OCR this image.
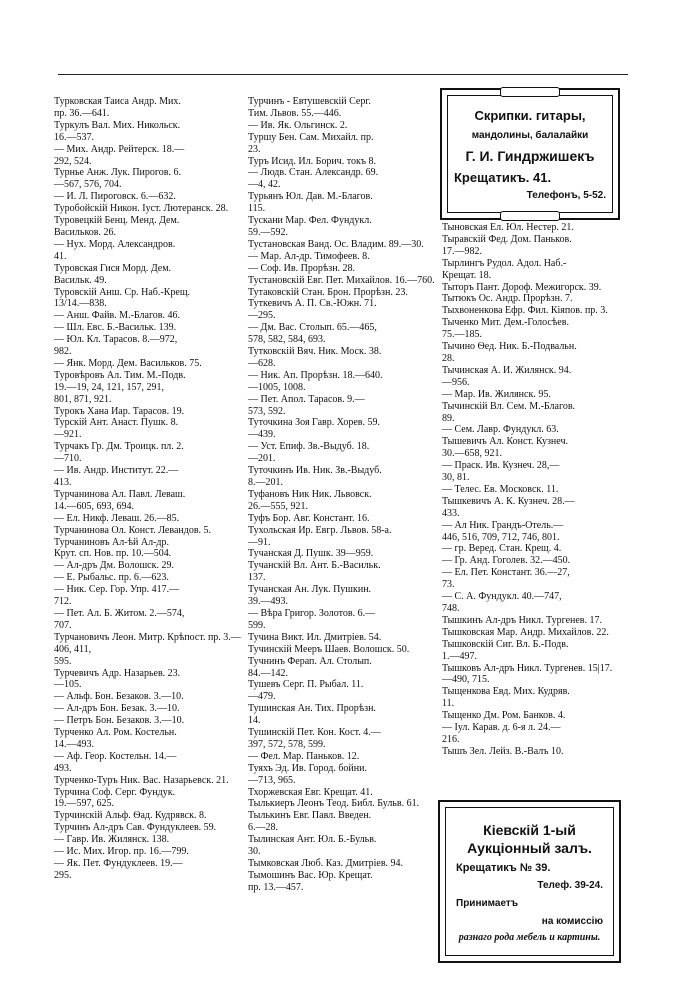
Турковская Таиса Андр. Мих.
пр. 36.—641.

Туркулъ Вал. Мих. Никольск.
16.—537.

— Мих. Андр. Рейтерск. 18.—
292, 524.

Турнье Анж. Лук. Пирогов. 6.
—567, 576, 704.

— И. Л. Пироговск. 6.—632.

Туробойскій Никон. Іуст. Лютеранск. 28.

Туровецкій Бенц. Менд. Дем.
Васильков. 26.

— Нух. Морд. Александров.
41.

Туровская Гися Морд. Дем.
Васильк. 49.

Туровскій Анш. Ср. Наб.-Крещ.
13/14.—838.

— Анш. Файв. М.-Благов. 46.

— Шл. Евс. Б.-Васильк. 139.

— Юл. Кл. Тарасов. 8.—972,
982.

— Янк. Морд. Дем. Васильков. 75.

Туровѣровъ Ал. Тим. М.-Подв.
19.—19, 24, 121, 157, 291,
801, 871, 921.

Турокъ Хана Иар. Тарасов. 19.

Турскій Ант. Анаст. Пушк. 8.
—921.

Турчакъ Гр. Дм. Троицк. пл. 2.
—710.

— Ив. Андр. Институт. 22.—
413.

Турчанинова Ал. Павл. Леваш.
14.—605, 693, 694.

— Ел. Никф. Леваш. 26.—85.

Турчанинова Ол. Конст. Левандов. 5.

Турчаниновъ Ал-ѣй Ал-др.
Крут. сп. Нов. пр. 10.—504.

— Ал-дръ Дм. Волошск. 29.

— Е. Рыбальс. пр. 6.—623.

— Ник. Сер. Гор. Упр. 417.—
712.

— Пет. Ал. Б. Житом. 2.—574,
707.

Турчановичъ Леон. Митр. Крѣпост. пр. 3.—406, 411,
595.

Турчевичъ Адр. Назарьев. 23.
—105.

— Альф. Бон. Безаков. 3.—10.

— Ал-дръ Бон. Безак. 3.—10.

— Петръ Бон. Безаков. 3.—10.

Турченко Ал. Ром. Костельн.
14.—493.

— Аф. Геор. Костельн. 14.—
493.

Турченко-Туръ Ник. Вас. Назарьевск. 21.

Турчина Соф. Серг. Фундук.
19.—597, 625.

Турчинскій Альф. Ѳад. Кудрявск. 8.

Турчинъ Ал-дръ Сав. Фундуклеев. 59.

— Гавр. Ив. Жилянск. 138.

— Ис. Мих. Игор. пр. 16.—799.

— Як. Пет. Фундуклеев. 19.—
295.

Турчинъ - Евтушевскій Серг.
Тим. Львов. 55.—446.

— Ив. Як. Ольгинск. 2.

Туршу Бен. Сам. Михайл. пр.
23.

Туръ Исид. Ил. Борич. токъ 8.

— Людв. Стан. Александр. 69.
—4, 42.

Турьянъ Юл. Дав. М.-Благов.
115.

Тускани Мар. Фел. Фундукл.
59.—592.

Тустановская Ванд. Ос. Владим. 89.—30.

— Мар. Ал-др. Тимофеев. 8.

— Соф. Ив. Прорѣзн. 28.

Тустановскій Евг. Пет. Михайлов. 16.—760.

Тутаковскій Стан. Брон. Прорѣзн. 23.

Туткевичъ А. П. Св.-Южн. 71.
—295.

— Дм. Вас. Столып. 65.—465,
578, 582, 584, 693.

Тутковскій Вяч. Ник. Моск. 38.
—628.

— Ник. Ап. Прорѣзн. 18.—640.
—1005, 1008.

— Пет. Апол. Тарасов. 9.—
573, 592.

Туточкина Зоя Гавр. Хорев. 59.
—439.

— Уст. Епиф. Зв.-Выдуб. 18.
—201.

Туточкинъ Ив. Ник. Зв.-Выдуб.
8.—201.

Туфановъ Ник Ник. Львовск.
26.—555, 921.

Туфъ Бор. Авг. Констант. 16.

Тухольская Ир. Евгр. Львов. 58-а.
—91.

Тучанская Д. Пушк. 39—959.

Тучанскій Вл. Ант. Б.-Васильк.
137.

Тучанская Ан. Лук. Пушкин.
39.—493.

— Вѣра Григор. Золотов. 6.—
599.

Тучина Викт. Ил. Дмитріев. 54.

Тучинскій Мееръ Шаев. Волошск. 50.

Тучнинъ Ферап. Ал. Столып.
84.—142.

Тушевъ Серг. П. Рыбал. 11.
—479.

Тушинская Ан. Тих. Прорѣзн.
14.

Тушинскій Пет. Кон. Кост. 4.—
397, 572, 578, 599.

— Фел. Мар. Паньков. 12.

Туяхъ Эд. Ив. Город. бойни.
—713, 965.

Тхоржевская Евг. Крещат. 41.

Тылькиеръ Леонъ Теод. Библ. Бульв. 61.

Тылькинъ Евг. Павл. Введен.
6.—28.

Тылинская Ант. Юл. Б.-Бульв.
30.

Тымковская Люб. Каз. Дмитріев. 94.

Тымошинъ Вас. Юр. Крещат.
пр. 13.—457.

Тыновская Ел. Юл. Нестер. 21.

Тыравскій Фед. Дом. Паньков.
17.—982.

Тырлингъ Рудол. Адол. Наб.-
Крещат. 18.

Тыторъ Пант. Дороф. Межигорск. 39.

Тытюкъ Ос. Андр. Прорѣзн. 7.

Тыхвоненкова Ефр. Фил. Кіяпов. пр. 3.

Тыченко Мит. Дем.-Голосѣев.
75.—185.

Тычино Ѳед. Ник. Б.-Подвальн.
28.

Тычинская А. И. Жилянск. 94.
—956.

— Мар. Ив. Жилянск. 95.

Тычинскій Вл. Сем. М.-Благов.
89.

— Сем. Лавр. Фундукл. 63.

Тышевичъ Ал. Конст. Кузнеч.
30.—658, 921.

— Праск. Ив. Кузнеч. 28,—
30, 81.

— Телес. Ев. Московск. 11.

Тышкевичъ А. К. Кузнеч. 28.—
433.

— Ал Ник. Грандъ-Отель.—
446, 516, 709, 712, 746, 801.

— гр. Веред. Стан. Крещ. 4.

— Гр. Анд. Гоголев. 32.—450.

— Ел. Пет. Констант. 36.—27,
73.

— С. А. Фундукл. 40.—747,
748.

Тышкинъ Ал-дръ Никл. Тургенев. 17.

Тышковская Мар. Андр. Михайлов. 22.

Тышковскій Сиг. Вл. Б.-Подв.
1.—497.

Тышковъ Ал-дръ Никл. Тургенев. 15|17.—490, 715.

Тыщенкова Евд. Мих. Кудряв.
11.

Тыщенко Дм. Ром. Банков. 4.

— Іул. Карав. д. 6-я л. 24.—
216.

Тышъ Зел. Лейз. В.-Валъ 10.

Скрипки. гитары,
мандолины, балалайки
Г. И. Гиндржишекъ
Крещатикъ. 41.
Телефонъ, 5-52.
Кіевскій 1-ый
Аукціонный залъ.
Крещатикъ № 39.
Телеф. 39-24.
Принимаетъ
на комиссію
разнаго рода мебель и картины.
